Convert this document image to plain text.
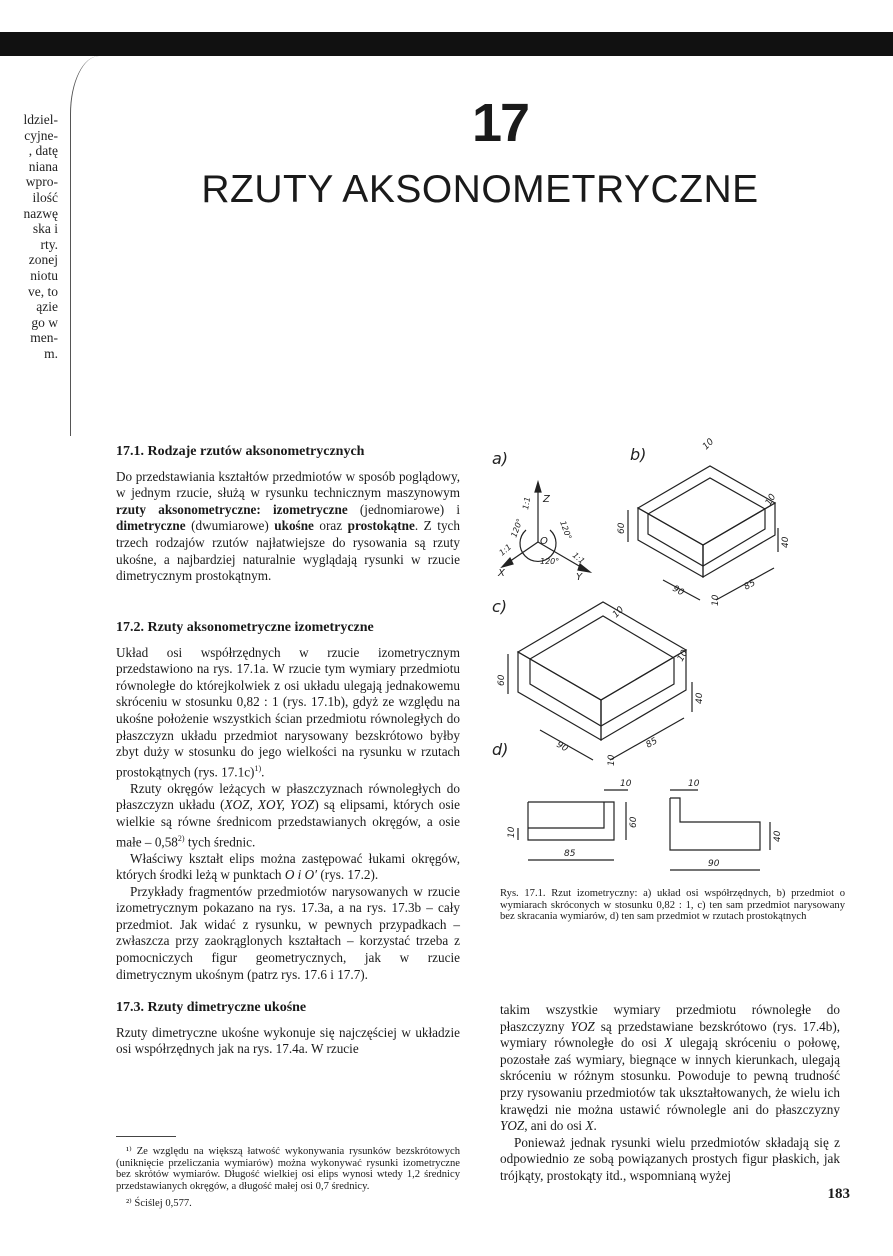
ldziel-
cyjne-
, datę
niana
wpro-
ilość
nazwę
ska i
rty.
zonej
niotu
ve, to
ązie
go w
men-
m.
17
RZUTY AKSONOMETRYCZNE
17.1. Rodzaje rzutów aksonometrycznych

Do przedstawiania kształtów przedmiotów w sposób poglądowy, w jednym rzucie, służą w rysunku technicznym maszynowym rzuty aksonometryczne: izometryczne (jednomiarowe) i dimetryczne (dwumiarowe) ukośne oraz prostokątne. Z tych trzech rodzajów rzutów najłatwiejsze do rysowania są rzuty ukośne, a najbardziej naturalnie wyglądają rysunki w rzucie dimetrycznym prostokątnym.

17.2. Rzuty aksonometryczne izometryczne

Układ osi współrzędnych w rzucie izometrycznym przedstawiono na rys. 17.1a. W rzucie tym wymiary przedmiotu równoległe do którejkolwiek z osi układu ulegają jednakowemu skróceniu w stosunku 0,82 : 1 (rys. 17.1b), gdyż ze względu na ukośne położenie wszystkich ścian przedmiotu równoległych do płaszczyzn układu przedmiot narysowany bezskrótowo byłby zbyt duży w stosunku do jego wielkości na rysunku w rzutach prostokątnych (rys. 17.1c)$^{1)}$.

Rzuty okręgów leżących w płaszczyznach równoległych do płaszczyzn układu (XOZ, XOY, YOZ) są elipsami, których osie wielkie są równe średnicom przedstawianych okręgów, a osie małe – 0,58$^{2)}$ tych średnic.

Właściwy kształt elips można zastępować łukami okręgów, których środki leżą w punktach O i O′ (rys. 17.2).

Przykłady fragmentów przedmiotów narysowanych w rzucie izometrycznym pokazano na rys. 17.3a, a na rys. 17.3b – cały przedmiot. Jak widać z rysunku, w pewnych przypadkach – zwłaszcza przy zaokrąglonych kształtach – korzystać trzeba z pomocniczych figur geometrycznych, jak w rzucie dimetrycznym ukośnym (patrz rys. 17.6 i 17.7).

17.3. Rzuty dimetryczne ukośne

Rzuty dimetryczne ukośne wykonuje się najczęściej w układzie osi współrzędnych jak na rys. 17.4a. W rzucie

¹⁾ Ze względu na większą łatwość wykonywania rysunków bezskrótowych (uniknięcie przeliczania wymiarów) można wykonywać rysunki izometryczne bez skrótów wymiarów. Długość wielkiej osi elips wynosi wtedy 1,2 średnicy przedstawianych okręgów, a długość małej osi 0,7 średnicy.

²⁾ Ściślej 0,577.

takim wszystkie wymiary przedmiotu równoległe do płaszczyzny YOZ są przedstawiane bezskrótowo (rys. 17.4b), wymiary równoległe do osi X ulegają skróceniu o połowę, pozostałe zaś wymiary, biegnące w innych kierunkach, ulegają skróceniu w różnym stosunku. Powoduje to pewną trudność przy rysowaniu przedmiotów tak ukształtowanych, że wielu ich krawędzi nie można ustawić równolegle ani do płaszczyzny YOZ, ani do osi X.

Ponieważ jednak rysunki wielu przedmiotów składają się z odpowiednio ze sobą powiązanych prostych figur płaskich, jak trójkąty, prostokąty itd., wspomnianą wyżej

a)	b)
c)
d)
Z
X	Y
O
120°	120°
120°
1:1
1:1
1:1
10
10
60
40
90	85
10
10
10
60
40
90	85
10
10	10
10
60
85
40
90
Rys. 17.1. Rzut izometryczny: a) układ osi współrzędnych, b) przedmiot o wymiarach skróconych w stosunku 0,82 : 1, c) ten sam przedmiot narysowany bez skracania wymiarów, d) ten sam przedmiot w rzutach prostokątnych
183
